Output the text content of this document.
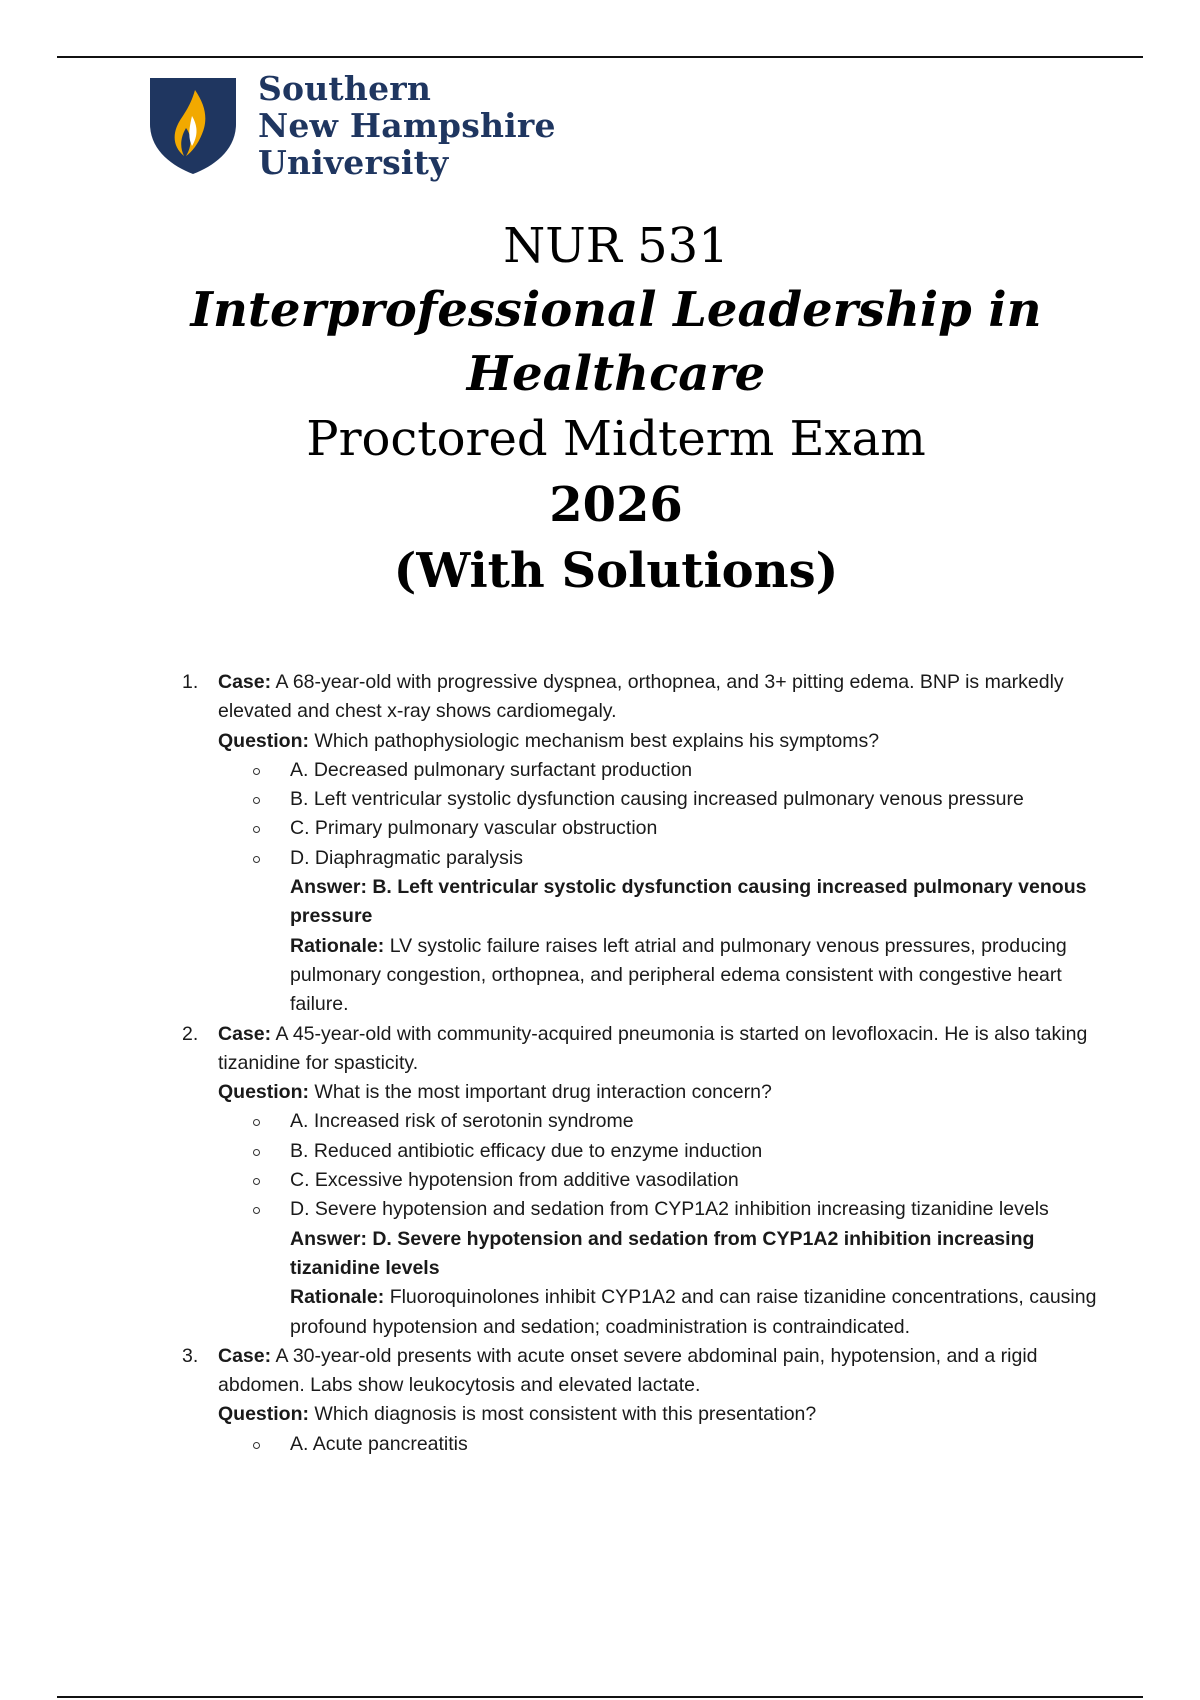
Southern
New Hampshire
University
NUR 531
Interprofessional Leadership in
Healthcare
Proctored Midterm Exam
2026
(With Solutions)
1. Case: A 68-year-old with progressive dyspnea, orthopnea, and 3+ pitting edema. BNP is markedly elevated and chest x-ray shows cardiomegaly.
Question: Which pathophysiologic mechanism best explains his symptoms?
A. Decreased pulmonary surfactant production
B. Left ventricular systolic dysfunction causing increased pulmonary venous pressure
C. Primary pulmonary vascular obstruction
D. Diaphragmatic paralysis
Answer: B. Left ventricular systolic dysfunction causing increased pulmonary venous pressure
Rationale: LV systolic failure raises left atrial and pulmonary venous pressures, producing pulmonary congestion, orthopnea, and peripheral edema consistent with congestive heart failure.
2. Case: A 45-year-old with community-acquired pneumonia is started on levofloxacin. He is also taking tizanidine for spasticity.
Question: What is the most important drug interaction concern?
A. Increased risk of serotonin syndrome
B. Reduced antibiotic efficacy due to enzyme induction
C. Excessive hypotension from additive vasodilation
D. Severe hypotension and sedation from CYP1A2 inhibition increasing tizanidine levels
Answer: D. Severe hypotension and sedation from CYP1A2 inhibition increasing tizanidine levels
Rationale: Fluoroquinolones inhibit CYP1A2 and can raise tizanidine concentrations, causing profound hypotension and sedation; coadministration is contraindicated.
3. Case: A 30-year-old presents with acute onset severe abdominal pain, hypotension, and a rigid abdomen. Labs show leukocytosis and elevated lactate.
Question: Which diagnosis is most consistent with this presentation?
A. Acute pancreatitis
